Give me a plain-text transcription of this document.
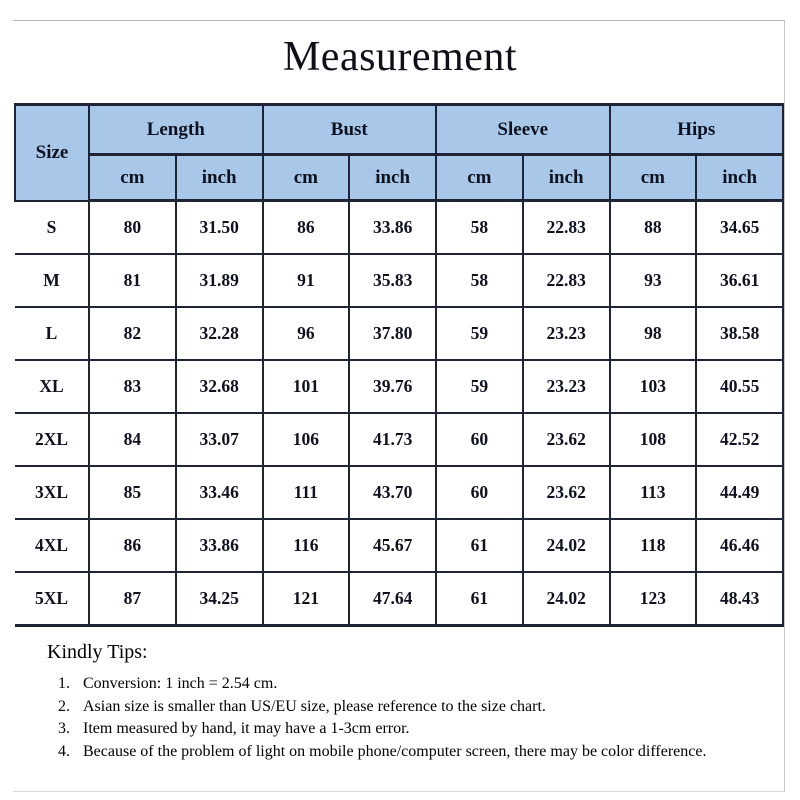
Measurement
Size	Length		Bust		Sleeve		Hips	
	cm	inch	cm	inch	cm	inch	cm	inch
S	80	31.50	86	33.86	58	22.83	88	34.65
M	81	31.89	91	35.83	58	22.83	93	36.61
L	82	32.28	96	37.80	59	23.23	98	38.58
XL	83	32.68	101	39.76	59	23.23	103	40.55
2XL	84	33.07	106	41.73	60	23.62	108	42.52
3XL	85	33.46	111	43.70	60	23.62	113	44.49
4XL	86	33.86	116	45.67	61	24.02	118	46.46
5XL	87	34.25	121	47.64	61	24.02	123	48.43

Kindly Tips:

1. Conversion: 1 inch = 2.54 cm.
2. Asian size is smaller than US/EU size, please reference to the size chart.
3. Item measured by hand, it may have a 1-3cm error.
4. Because of the problem of light on mobile phone/computer screen, there may be color difference.
